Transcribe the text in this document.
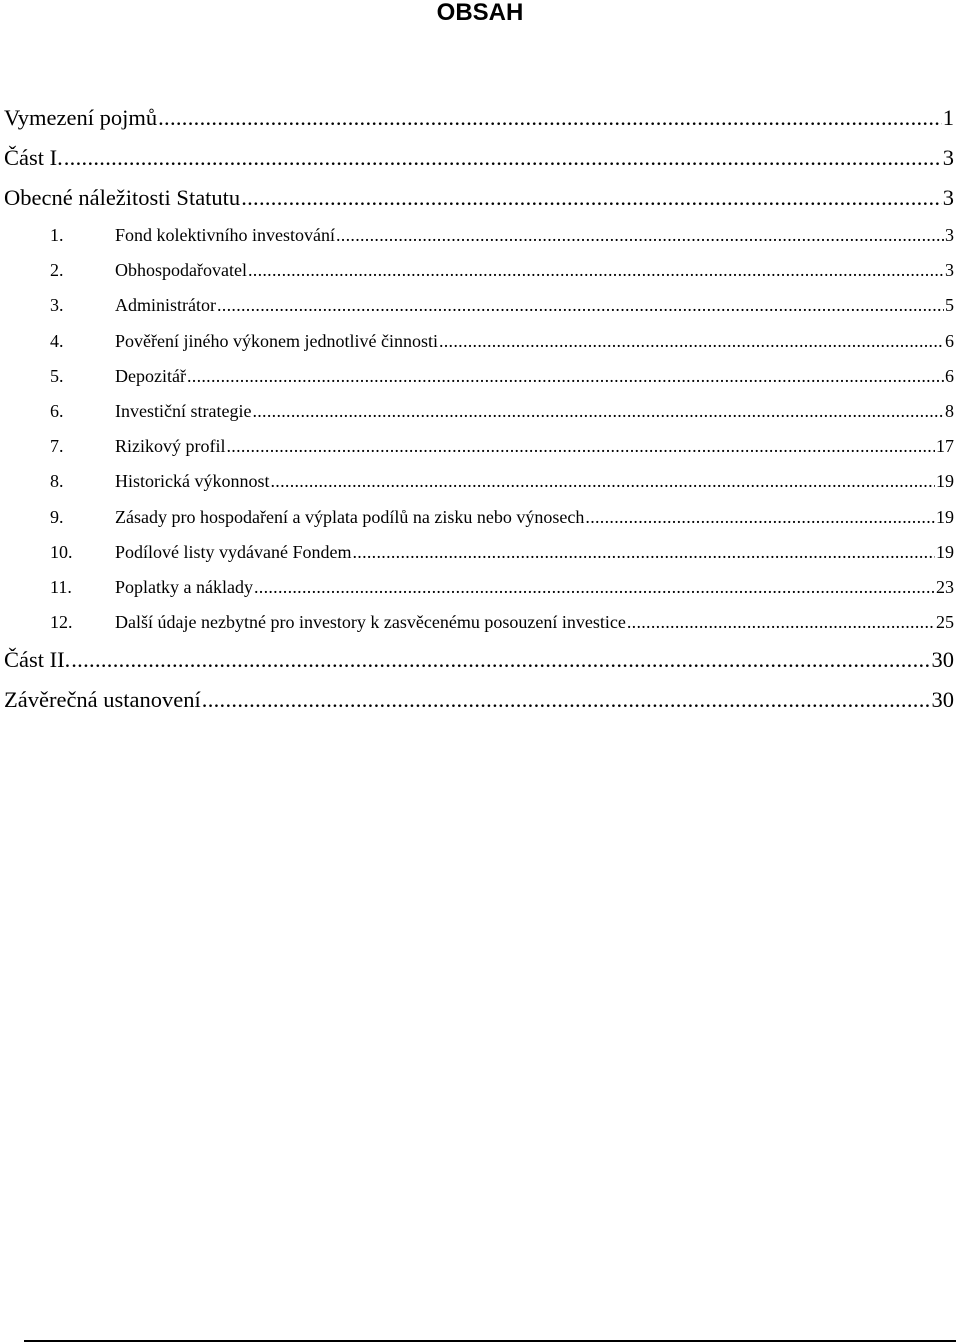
OBSAH
Vymezení pojmů .....	1
Část I. .....	3
Obecné náležitosti Statutu .....	3
1.	Fond kolektivního investování .....	3
2.	Obhospodařovatel .....	3
3.	Administrátor .....	5
4.	Pověření jiného výkonem jednotlivé činnosti .....	6
5.	Depozitář .....	6
6.	Investiční strategie .....	8
7.	Rizikový profil .....	17
8.	Historická výkonnost .....	19
9.	Zásady pro hospodaření a výplata podílů na zisku nebo výnosech .....	19
10.	Podílové listy vydávané Fondem .....	19
11.	Poplatky a náklady .....	23
12.	Další údaje nezbytné pro investory k zasvěcenému posouzení investice .....	25
Část II. .....	30
Závěrečná ustanovení .....	30
